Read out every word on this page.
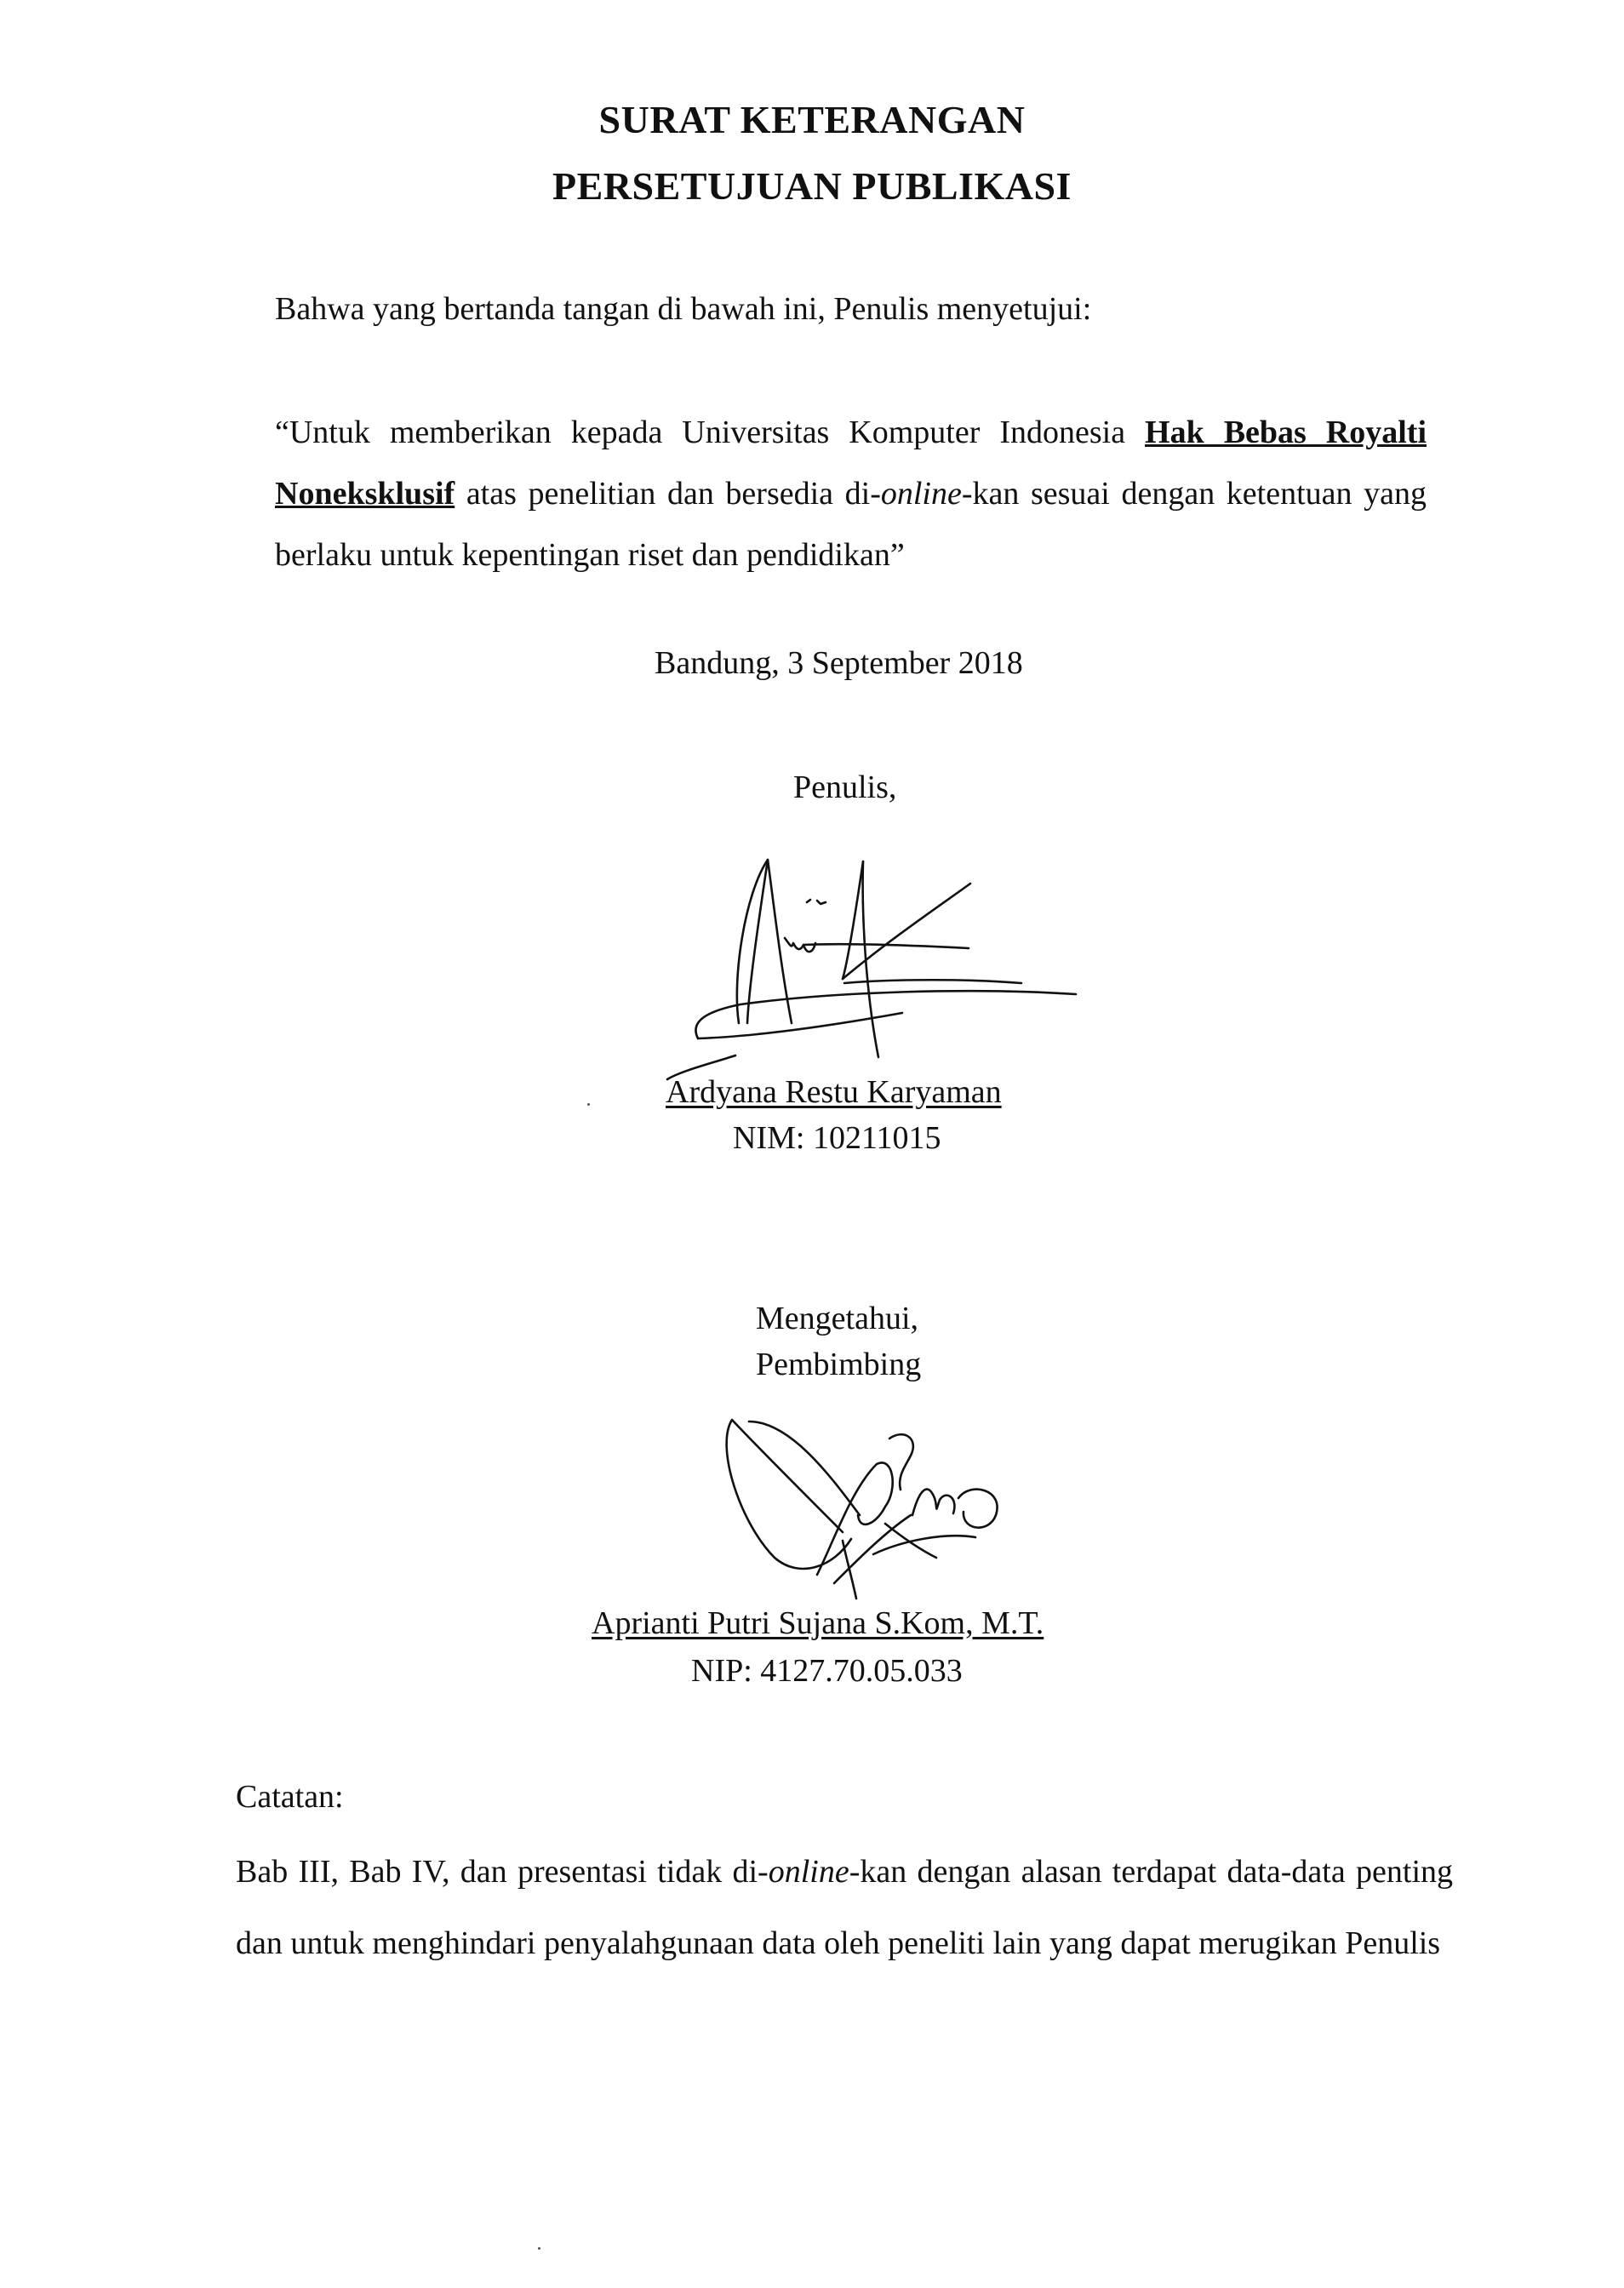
SURAT KETERANGAN
PERSETUJUAN PUBLIKASI
Bahwa yang bertanda tangan di bawah ini, Penulis menyetujui:
“Untuk memberikan kepada Universitas Komputer Indonesia Hak Bebas Royalti Noneksklusif atas penelitian dan bersedia di-online-kan sesuai dengan ketentuan yang berlaku untuk kepentingan riset dan pendidikan”
Bandung, 3 September 2018
Penulis,
Ardyana Restu Karyaman
NIM: 10211015
Mengetahui,
Pembimbing
Aprianti Putri Sujana S.Kom, M.T.
NIP: 4127.70.05.033
Catatan:
Bab III, Bab IV, dan presentasi tidak di-online-kan dengan alasan terdapat data-data penting dan untuk menghindari penyalahgunaan data oleh peneliti lain yang dapat merugikan Penulis
